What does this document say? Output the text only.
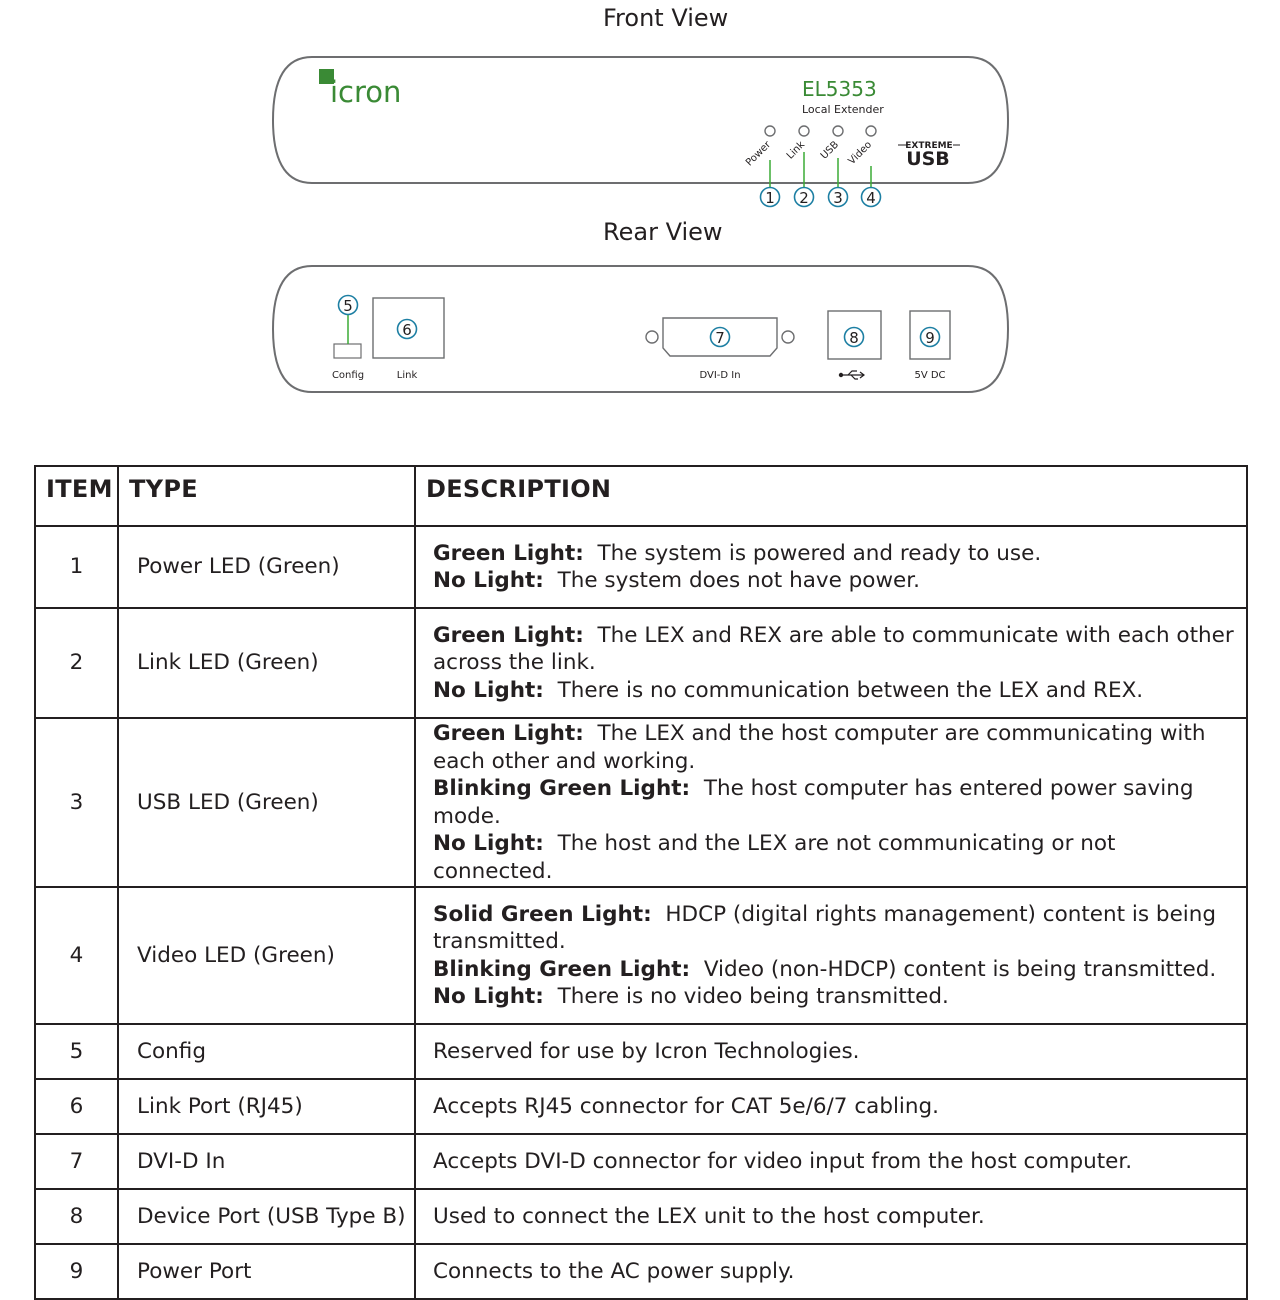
Front View
icron	EL5353
Local Extender
Power Link USB Video
1 2 3 4
EXTREME
USB
Rear View
5
Config
6
Link
7
DVI-D In
8	9
5V DC
ITEM	TYPE	DESCRIPTION
1	Power LED (Green)	Green Light: The system is powered and ready to use.
No Light: The system does not have power.

2	Link LED (Green)	Green Light: The LEX and REX are able to communicate with each other across the link.
No Light: There is no communication between the LEX and REX.

3	USB LED (Green)	Green Light: The LEX and the host computer are communicating with each other and working.
Blinking Green Light: The host computer has entered power saving mode.
No Light: The host and the LEX are not communicating or not connected.

4	Video LED (Green)	Solid Green Light: HDCP (digital rights management) content is being transmitted.
Blinking Green Light: Video (non-HDCP) content is being transmitted.
No Light: There is no video being transmitted.

5	Config	Reserved for use by Icron Technologies.

6	Link Port (RJ45)	Accepts RJ45 connector for CAT 5e/6/7 cabling.

7	DVI-D In	Accepts DVI-D connector for video input from the host computer.

8	Device Port (USB Type B)	Used to connect the LEX unit to the host computer.

9	Power Port	Connects to the AC power supply.
